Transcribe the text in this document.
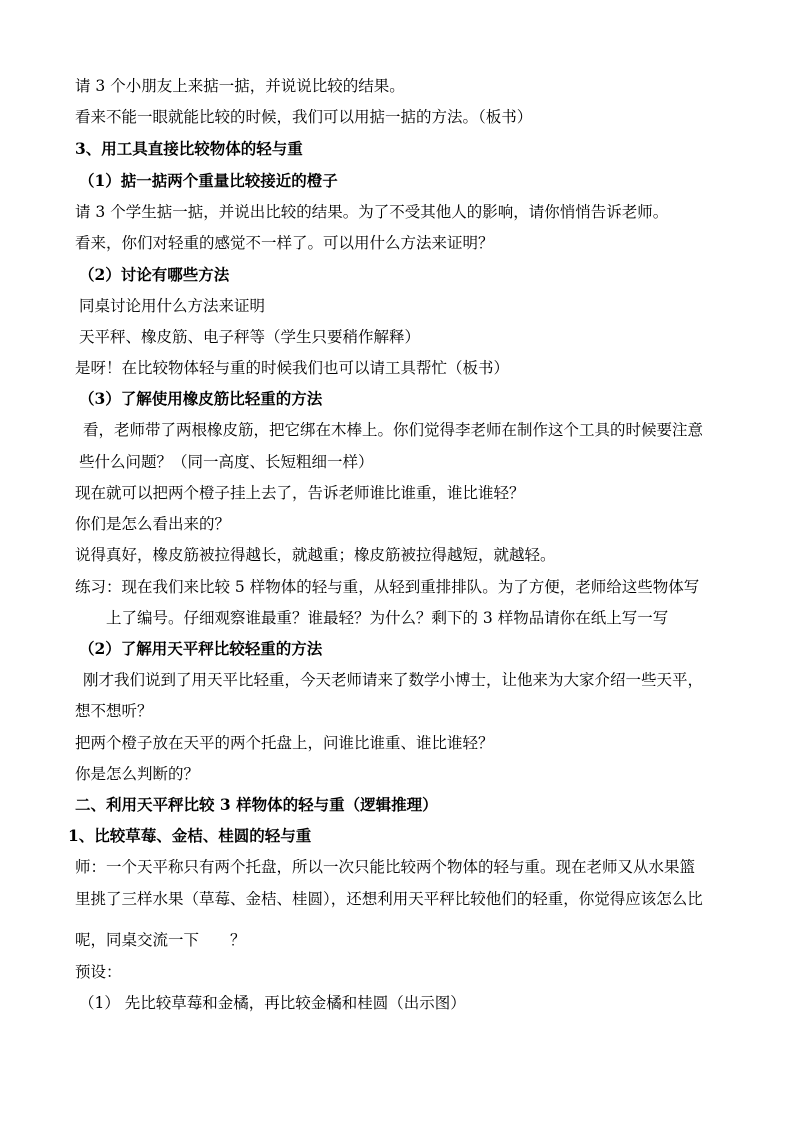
请 3 个小朋友上来掂一掂，并说说比较的结果。
看来不能一眼就能比较的时候，我们可以用掂一掂的方法。（板书）
3、用工具直接比较物体的轻与重
（1）掂一掂两个重量比较接近的橙子
请 3 个学生掂一掂，并说出比较的结果。为了不受其他人的影响，请你悄悄告诉老师。
看来，你们对轻重的感觉不一样了。可以用什么方法来证明？
（2）讨论有哪些方法
同桌讨论用什么方法来证明
天平秤、橡皮筋、电子秤等（学生只要稍作解释）
是呀！在比较物体轻与重的时候我们也可以请工具帮忙（板书）
（3）了解使用橡皮筋比轻重的方法
看，老师带了两根橡皮筋，把它绑在木棒上。你们觉得李老师在制作这个工具的时候要注意
些什么问题？（同一高度、长短粗细一样）
现在就可以把两个橙子挂上去了，告诉老师谁比谁重，谁比谁轻？
你们是怎么看出来的？
说得真好，橡皮筋被拉得越长，就越重；橡皮筋被拉得越短，就越轻。
练习：现在我们来比较 5 样物体的轻与重，从轻到重排排队。为了方便，老师给这些物体写
上了编号。仔细观察谁最重？谁最轻？为什么？剩下的 3 样物品请你在纸上写一写
（2）了解用天平秤比较轻重的方法
刚才我们说到了用天平比轻重，今天老师请来了数学小博士，让他来为大家介绍一些天平，
想不想听？
把两个橙子放在天平的两个托盘上，问谁比谁重、谁比谁轻？
你是怎么判断的？
二、利用天平秤比较 3 样物体的轻与重（逻辑推理）
1、比较草莓、金桔、桂圆的轻与重
师：一个天平称只有两个托盘，所以一次只能比较两个物体的轻与重。现在老师又从水果篮
里挑了三样水果（草莓、金桔、桂圆），还想利用天平秤比较他们的轻重，你觉得应该怎么比
呢，同桌交流一下　　？
预设：
（1） 先比较草莓和金橘，再比较金橘和桂圆（出示图）
